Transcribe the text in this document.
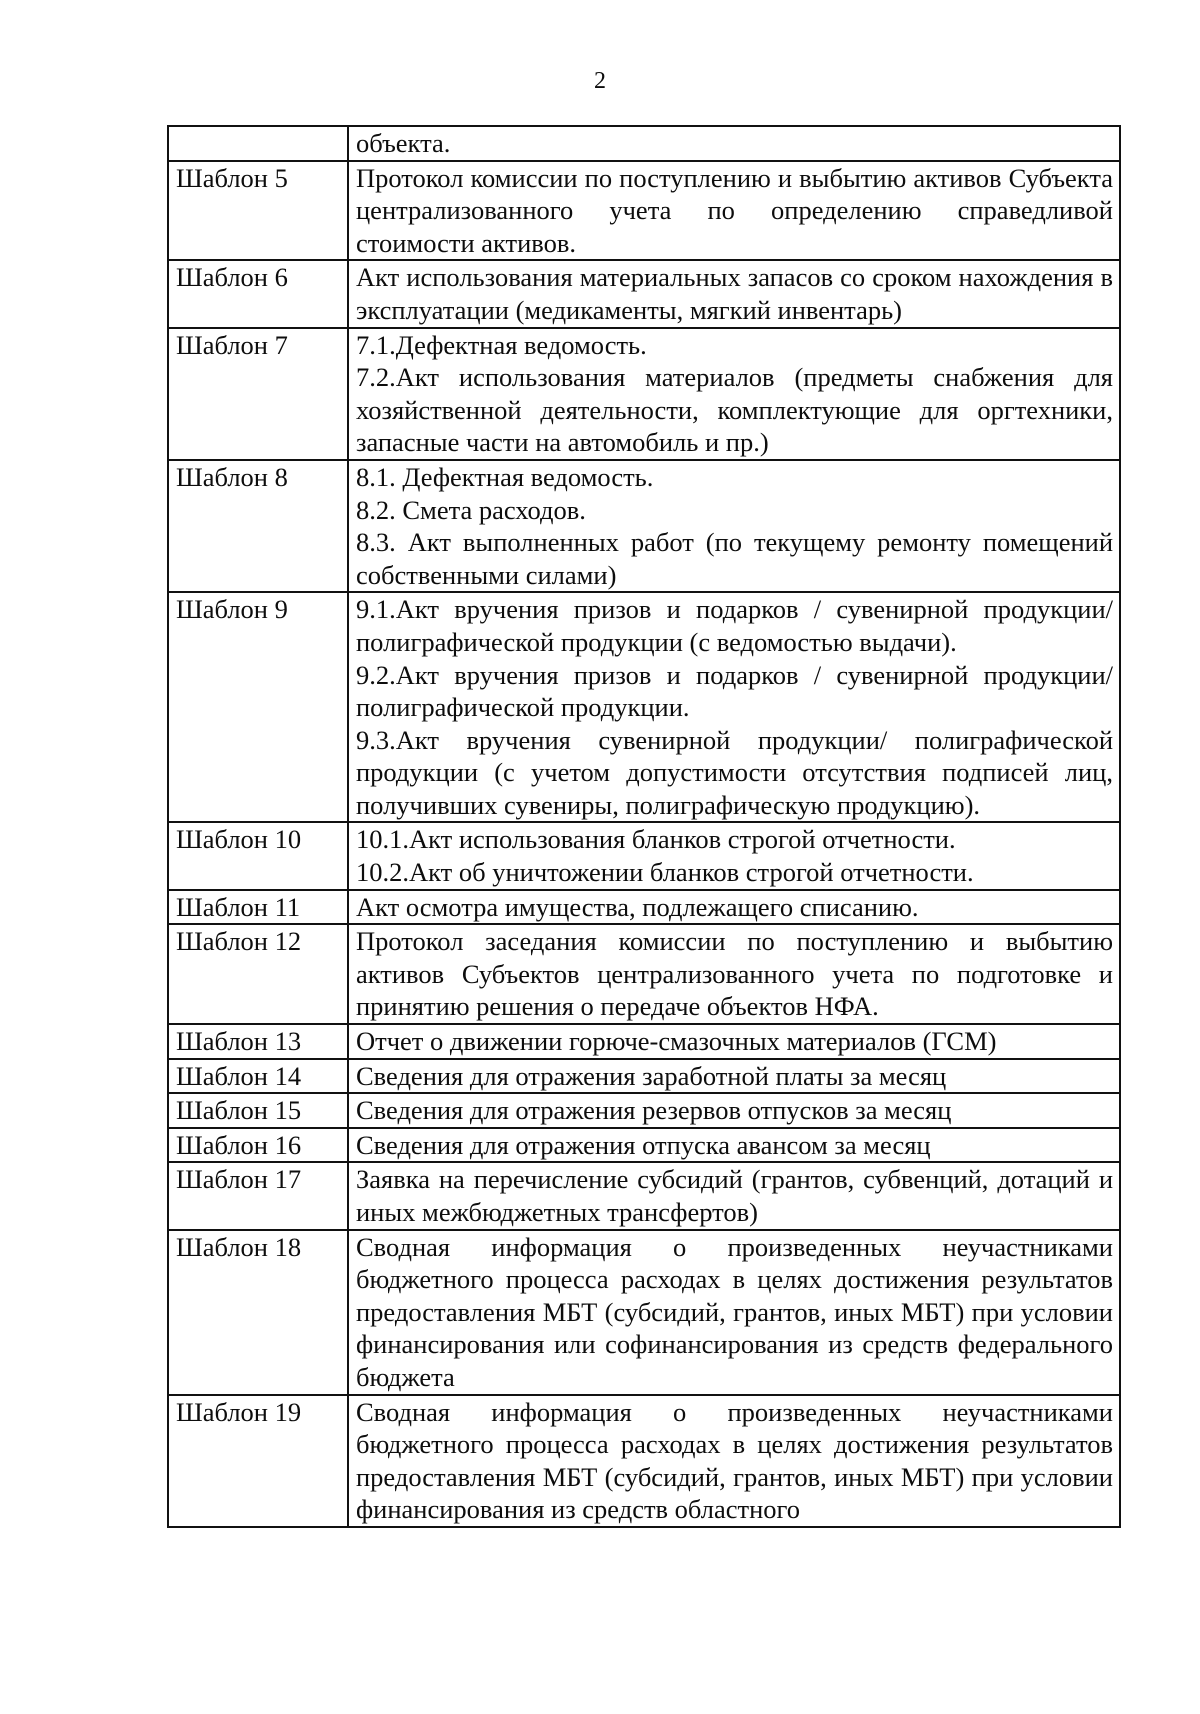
2

	объекта.

Шаблон 5	Протокол комиссии по поступлению и выбытию активов Субъекта централизованного учета по определению справедливой стоимости активов.

Шаблон 6	Акт использования материальных запасов со сроком нахождения в эксплуатации (медикаменты, мягкий инвентарь)

Шаблон 7	7.1.Дефектная ведомость.
7.2.Акт использования материалов (предметы снабжения для хозяйственной деятельности, комплектующие для оргтехники, запасные части на автомобиль и пр.)

Шаблон 8	8.1. Дефектная ведомость.
8.2. Смета расходов.
8.3. Акт выполненных работ (по текущему ремонту помещений собственными силами)

Шаблон 9	9.1.Акт вручения призов и подарков / сувенирной продукции/ полиграфической продукции (с ведомостью выдачи).
9.2.Акт вручения призов и подарков / сувенирной продукции/ полиграфической продукции.
9.3.Акт вручения сувенирной продукции/ полиграфической продукции (с учетом допустимости отсутствия подписей лиц, получивших сувениры, полиграфическую продукцию).

Шаблон 10	10.1.Акт использования бланков строгой отчетности.
10.2.Акт об уничтожении бланков строгой отчетности.

Шаблон 11	Акт осмотра имущества, подлежащего списанию.

Шаблон 12	Протокол заседания комиссии по поступлению и выбытию активов Субъектов централизованного учета по подготовке и принятию решения о передаче объектов НФА.

Шаблон 13	Отчет о движении горюче-смазочных материалов (ГСМ)

Шаблон 14	Сведения для отражения заработной платы за месяц

Шаблон 15	Сведения для отражения резервов отпусков за месяц

Шаблон 16	Сведения для отражения отпуска авансом за месяц

Шаблон 17	Заявка на перечисление субсидий (грантов, субвенций, дотаций и иных межбюджетных трансфертов)

Шаблон 18	Сводная информация о произведенных неучастниками бюджетного процесса расходах в целях достижения результатов предоставления МБТ (субсидий, грантов, иных МБТ) при условии финансирования или софинансирования из средств федерального бюджета

Шаблон 19	Сводная информация о произведенных неучастниками бюджетного процесса расходах в целях достижения результатов предоставления МБТ (субсидий, грантов, иных МБТ) при условии финансирования из средств областного
